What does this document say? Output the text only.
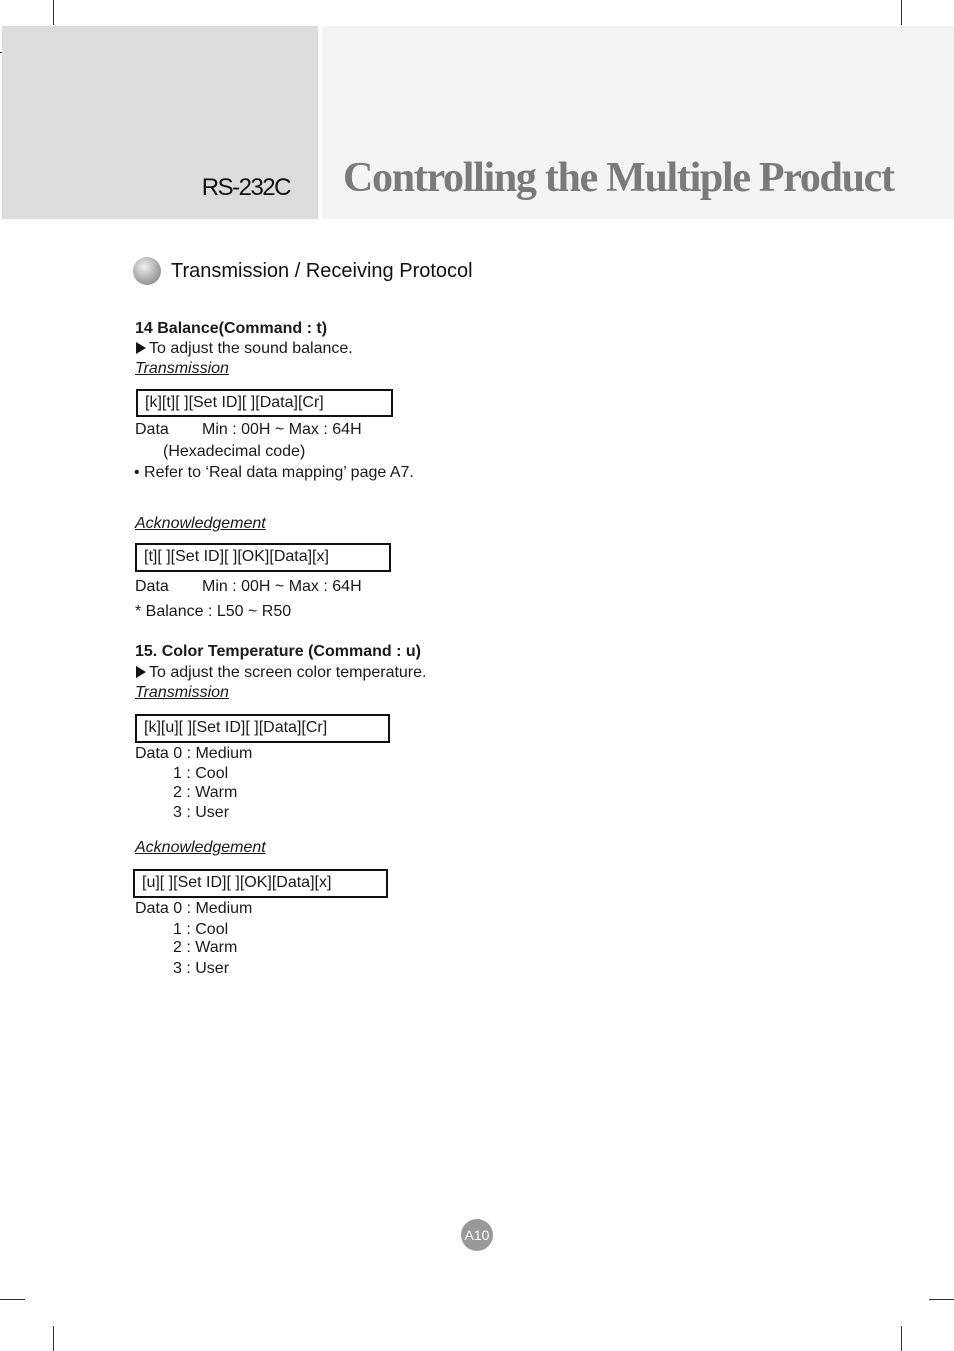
RS-232C Controlling the Multiple Product
Transmission / Receiving Protocol
14 Balance(Command : t)
To adjust the sound balance.
Transmission
[k][t][ ][Set ID][ ][Data][Cr]
Data Min : 00H ~ Max : 64H
(Hexadecimal code)
• Refer to ‘Real data mapping’ page A7.
Acknowledgement
[t][ ][Set ID][ ][OK][Data][x]
Data Min : 00H ~ Max : 64H
* Balance : L50 ~ R50
15. Color Temperature (Command : u)
To adjust the screen color temperature.
Transmission
[k][u][ ][Set ID][ ][Data][Cr]
Data 0 : Medium
1 : Cool
2 : Warm
3 : User
Acknowledgement
[u][ ][Set ID][ ][OK][Data][x]
Data 0 : Medium
1 : Cool
2 : Warm
3 : User
A10
